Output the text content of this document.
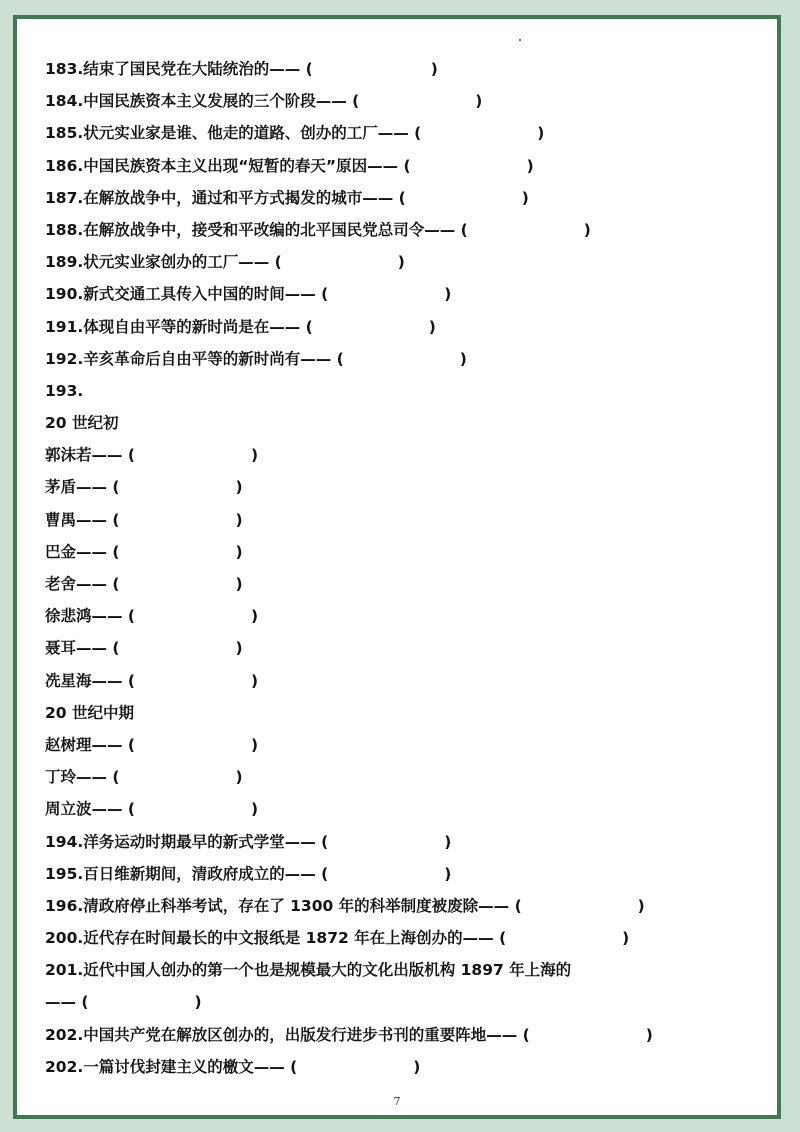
183.结束了国民党在大陆统治的—— (	)
184.中国民族资本主义发展的三个阶段—— (	)
185.状元实业家是谁、他走的道路、创办的工厂—— (	)
186.中国民族资本主义出现“短暂的春天”原因—— (	)
187.在解放战争中，通过和平方式揭发的城市—— (	)
188.在解放战争中，接受和平改编的北平国民党总司令—— (	)
189.状元实业家创办的工厂—— (	)
190.新式交通工具传入中国的时间—— (	)
191.体现自由平等的新时尚是在—— (	)
192.辛亥革命后自由平等的新时尚有—— (	)
193.
20 世纪初
郭沫若—— (	)
茅盾—— (	)
曹禺—— (	)
巴金—— (	)
老舍—— (	)
徐悲鸿—— (	)
聂耳—— (	)
冼星海—— (	)
20 世纪中期
赵树理—— (	)
丁玲—— (	)
周立波—— (	)
194.洋务运动时期最早的新式学堂—— (	)
195.百日维新期间，清政府成立的—— (	)
196.清政府停止科举考试，存在了 1300 年的科举制度被废除—— (	)
200.近代存在时间最长的中文报纸是 1872 年在上海创办的—— (	)
201.近代中国人创办的第一个也是规模最大的文化出版机构 1897 年上海的
—— (	)
202.中国共产党在解放区创办的，出版发行进步书刊的重要阵地—— (	)
202.一篇讨伐封建主义的檄文—— (	)
7
